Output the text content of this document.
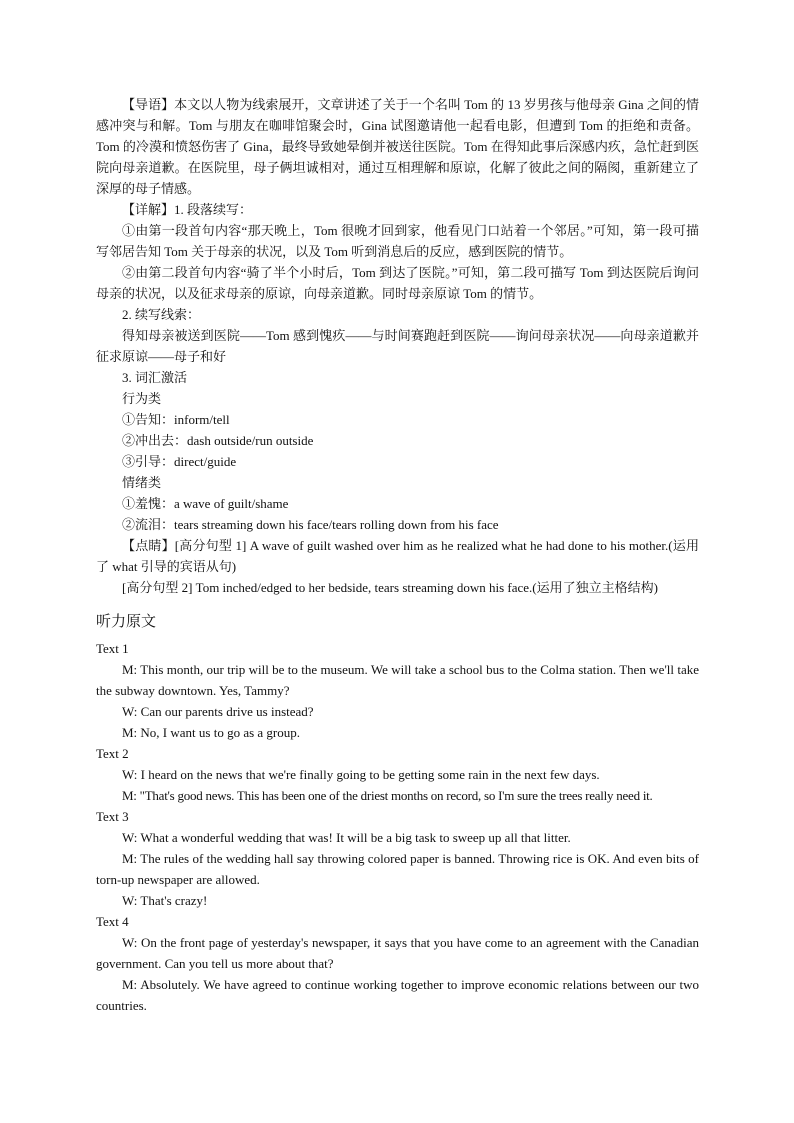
【导语】本文以人物为线索展开，文章讲述了关于一个名叫 Tom 的 13 岁男孩与他母亲 Gina 之间的情感冲突与和解。Tom 与朋友在咖啡馆聚会时，Gina 试图邀请他一起看电影，但遭到 Tom 的拒绝和责备。Tom 的冷漠和愤怒伤害了 Gina，最终导致她晕倒并被送往医院。Tom 在得知此事后深感内疚，急忙赶到医院向母亲道歉。在医院里，母子俩坦诚相对，通过互相理解和原谅，化解了彼此之间的隔阂，重新建立了深厚的母子情感。

【详解】1. 段落续写：

①由第一段首句内容“那天晚上，Tom 很晚才回到家，他看见门口站着一个邻居。”可知，第一段可描写邻居告知 Tom 关于母亲的状况，以及 Tom 听到消息后的反应，感到医院的情节。

②由第二段首句内容“骑了半个小时后，Tom 到达了医院。”可知，第二段可描写 Tom 到达医院后询问母亲的状况，以及征求母亲的原谅，向母亲道歉。同时母亲原谅 Tom 的情节。

2. 续写线索：

得知母亲被送到医院——Tom 感到愧疚——与时间赛跑赶到医院——询问母亲状况——向母亲道歉并征求原谅——母子和好

3. 词汇激活

行为类

①告知：inform/tell

②冲出去：dash outside/run outside

③引导：direct/guide

情绪类

①羞愧：a wave of guilt/shame

②流泪：tears streaming down his face/tears rolling down from his face

【点睛】[高分句型 1] A wave of guilt washed over him as he realized what he had done to his mother.(运用了 what 引导的宾语从句)

[高分句型 2] Tom inched/edged to her bedside, tears streaming down his face.(运用了独立主格结构)

听力原文

Text 1

M: This month, our trip will be to the museum. We will take a school bus to the Colma station. Then we'll take the subway downtown. Yes, Tammy?

W: Can our parents drive us instead?

M: No, I want us to go as a group.

Text 2

W: I heard on the news that we're finally going to be getting some rain in the next few days.

M: "That's good news. This has been one of the driest months on record, so I'm sure the trees really need it.

Text 3

W: What a wonderful wedding that was! It will be a big task to sweep up all that litter.

M: The rules of the wedding hall say throwing colored paper is banned. Throwing rice is OK. And even bits of torn-up newspaper are allowed.

W: That's crazy!

Text 4

W: On the front page of yesterday's newspaper, it says that you have come to an agreement with the Canadian government. Can you tell us more about that?

M: Absolutely. We have agreed to continue working together to improve economic relations between our two countries.
